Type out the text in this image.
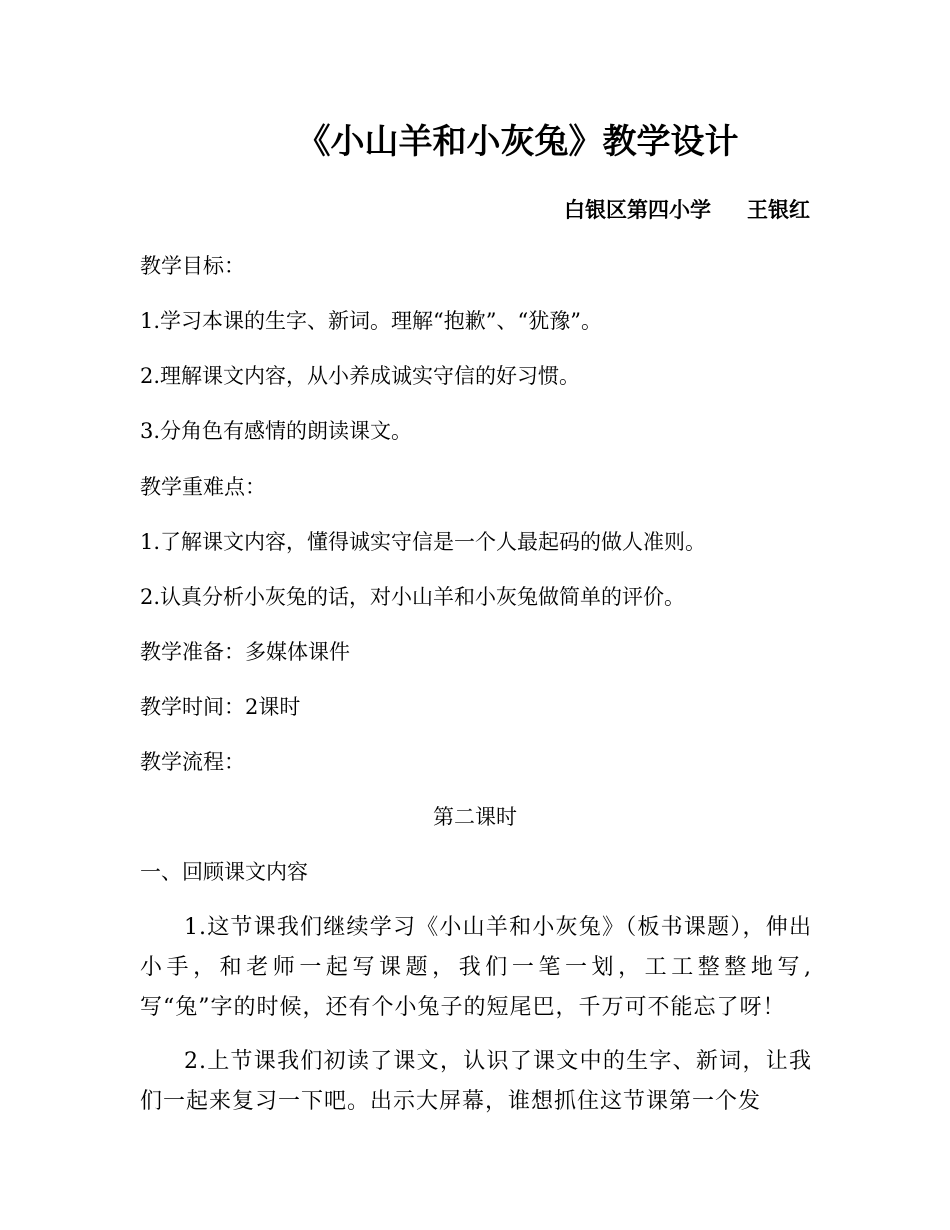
《小山羊和小灰兔》教学设计
白银区第四小学 王银红
教学目标：
1.学习本课的生字、新词。理解“抱歉”、“犹豫”。
2.理解课文内容，从小养成诚实守信的好习惯。
3.分角色有感情的朗读课文。
教学重难点：
1.了解课文内容，懂得诚实守信是一个人最起码的做人准则。
2.认真分析小灰兔的话，对小山羊和小灰兔做简单的评价。
教学准备：多媒体课件
教学时间：2课时
教学流程：
第二课时
一、回顾课文内容
1.这节课我们继续学习《小山羊和小灰兔》（板书课题），伸出小手，和老师一起写课题，我们一笔一划，工工整整地写,写“兔”字的时候，还有个小兔子的短尾巴，千万可不能忘了呀！
2.上节课我们初读了课文，认识了课文中的生字、新词，让我们一起来复习一下吧。出示大屏幕，谁想抓住这节课第一个发
